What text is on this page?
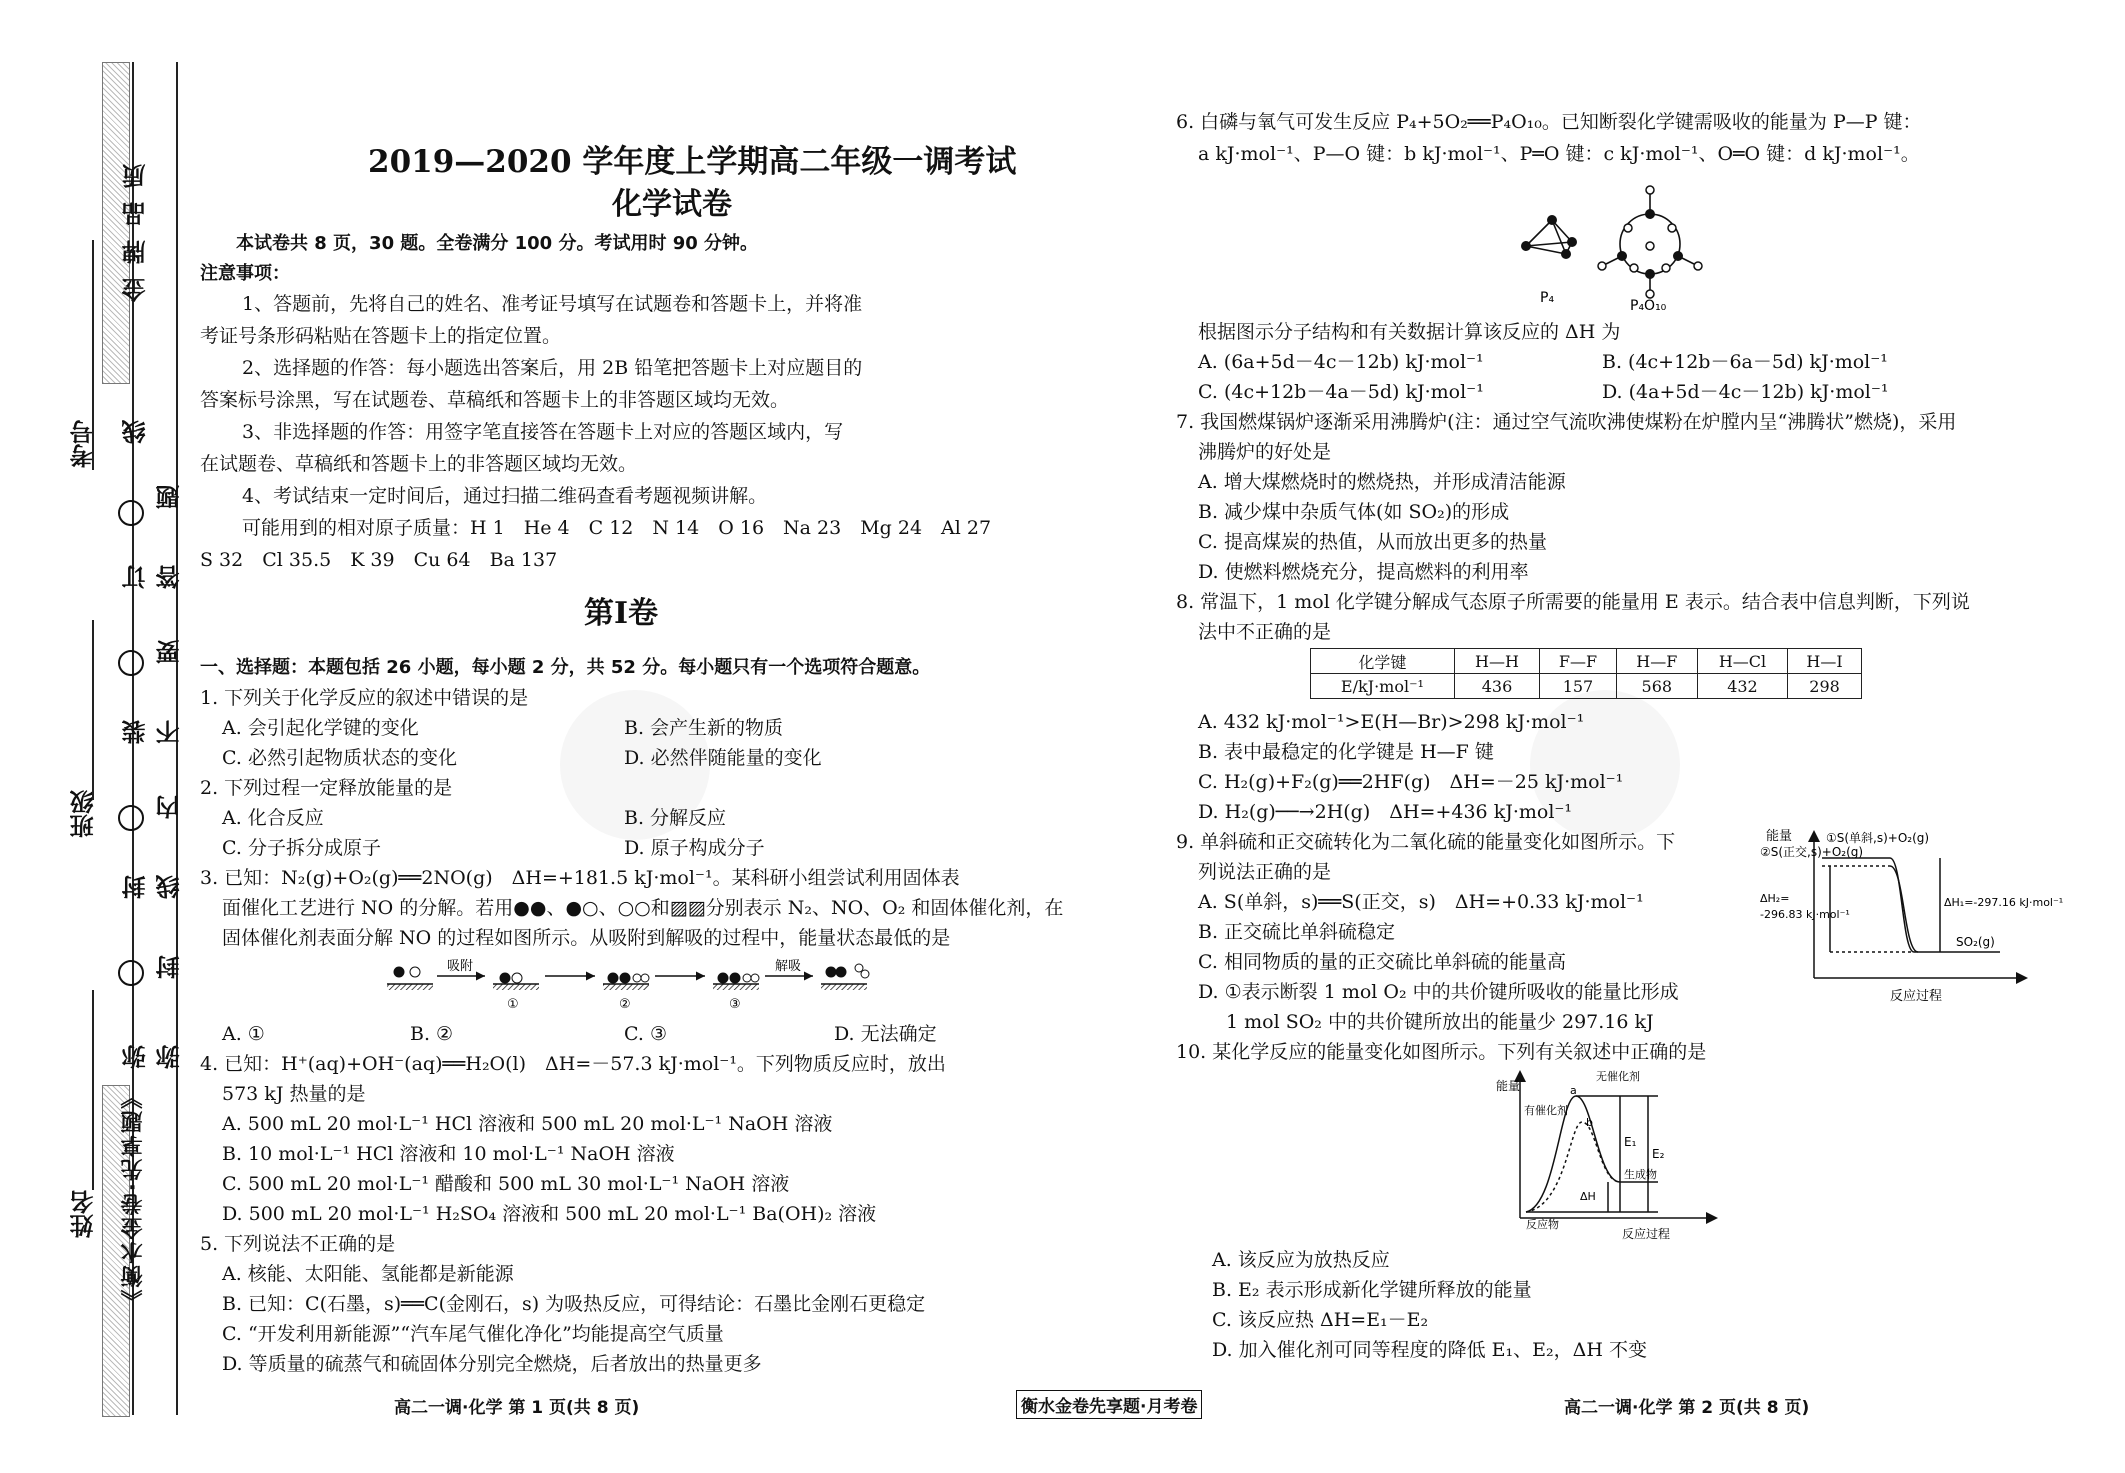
金牌品质
《衡水金卷·先享题》
考号
班级
姓名
弥
封
装
订
线
弥
封
线
内
不
要
答
题
2019—2020 学年度上学期高二年级一调考试
化学试卷
本试卷共 8 页，30 题。全卷满分 100 分。考试用时 90 分钟。
注意事项：
1、答题前，先将自己的姓名、准考证号填写在试题卷和答题卡上，并将准
考证号条形码粘贴在答题卡上的指定位置。
2、选择题的作答：每小题选出答案后，用 2B 铅笔把答题卡上对应题目的
答案标号涂黑，写在试题卷、草稿纸和答题卡上的非答题区域均无效。
3、非选择题的作答：用签字笔直接答在答题卡上对应的答题区域内，写
在试题卷、草稿纸和答题卡上的非答题区域均无效。
4、考试结束一定时间后，通过扫描二维码查看考题视频讲解。
可能用到的相对原子质量：H 1　He 4　C 12　N 14　O 16　Na 23　Mg 24　Al 27
S 32　Cl 35.5　K 39　Cu 64　Ba 137
第Ⅰ卷
一、选择题：本题包括 26 小题，每小题 2 分，共 52 分。每小题只有一个选项符合题意。
1. 下列关于化学反应的叙述中错误的是
A. 会引起化学键的变化	B. 会产生新的物质
C. 必然引起物质状态的变化	D. 必然伴随能量的变化
2. 下列过程一定释放能量的是
A. 化合反应	B. 分解反应
C. 分子拆分成原子	D. 原子构成分子
3. 已知：N₂(g)+O₂(g)══2NO(g)　ΔH=+181.5 kJ·mol⁻¹。某科研小组尝试利用固体表
面催化工艺进行 NO 的分解。若用●●、●○、○○和▨▨分别表示 N₂、NO、O₂ 和固体催化剂，在
固体催化剂表面分解 NO 的过程如图所示。从吸附到解吸的过程中，能量状态最低的是
吸附	解吸
①	②	③
A. ①	B. ②	C. ③	D. 无法确定
4. 已知：H⁺(aq)+OH⁻(aq)══H₂O(l)　ΔH=－57.3 kJ·mol⁻¹。下列物质反应时，放出
573 kJ 热量的是
A. 500 mL 20 mol·L⁻¹ HCl 溶液和 500 mL 20 mol·L⁻¹ NaOH 溶液
B. 10 mol·L⁻¹ HCl 溶液和 10 mol·L⁻¹ NaOH 溶液
C. 500 mL 20 mol·L⁻¹ 醋酸和 500 mL 30 mol·L⁻¹ NaOH 溶液
D. 500 mL 20 mol·L⁻¹ H₂SO₄ 溶液和 500 mL 20 mol·L⁻¹ Ba(OH)₂ 溶液
5. 下列说法不正确的是
A. 核能、太阳能、氢能都是新能源
B. 已知：C(石墨，s)══C(金刚石，s) 为吸热反应，可得结论：石墨比金刚石更稳定
C. “开发利用新能源”“汽车尾气催化净化”均能提高空气质量
D. 等质量的硫蒸气和硫固体分别完全燃烧，后者放出的热量更多
高二一调·化学 第 1 页(共 8 页)	衡水金卷先享题·月考卷
6. 白磷与氧气可发生反应 P₄+5O₂══P₄O₁₀。已知断裂化学键需吸收的能量为 P—P 键：
a kJ·mol⁻¹、P—O 键：b kJ·mol⁻¹、P═O 键：c kJ·mol⁻¹、O═O 键：d kJ·mol⁻¹。
P₄	P₄O₁₀
根据图示分子结构和有关数据计算该反应的 ΔH 为
A. (6a+5d－4c－12b) kJ·mol⁻¹	B. (4c+12b－6a－5d) kJ·mol⁻¹
C. (4c+12b－4a－5d) kJ·mol⁻¹	D. (4a+5d－4c－12b) kJ·mol⁻¹
7. 我国燃煤锅炉逐渐采用沸腾炉(注：通过空气流吹沸使煤粉在炉膛内呈“沸腾状”燃烧)，采用
沸腾炉的好处是
A. 增大煤燃烧时的燃烧热，并形成清洁能源
B. 减少煤中杂质气体(如 SO₂)的形成
C. 提高煤炭的热值，从而放出更多的热量
D. 使燃料燃烧充分，提高燃料的利用率
8. 常温下，1 mol 化学键分解成气态原子所需要的能量用 E 表示。结合表中信息判断，下列说
法中不正确的是
化学键	H—H	F—F	H—F	H—Cl	H—I
E/kJ·mol⁻¹	436	157	568	432	298
A. 432 kJ·mol⁻¹>E(H—Br)>298 kJ·mol⁻¹
B. 表中最稳定的化学键是 H—F 键
C. H₂(g)+F₂(g)══2HF(g)　ΔH=－25 kJ·mol⁻¹
D. H₂(g)──→2H(g)　ΔH=+436 kJ·mol⁻¹
9. 单斜硫和正交硫转化为二氧化硫的能量变化如图所示。下
列说法正确的是
A. S(单斜，s)══S(正交，s)　ΔH=+0.33 kJ·mol⁻¹
B. 正交硫比单斜硫稳定
C. 相同物质的量的正交硫比单斜硫的能量高
D. ①表示断裂 1 mol O₂ 中的共价键所吸收的能量比形成
1 mol SO₂ 中的共价键所放出的能量少 297.16 kJ
能量
反应过程
①S(单斜,s)+O₂(g)
②S(正交,s)+O₂(g)
ΔH₂=
-296.83 kJ·mol⁻¹
ΔH₁=-297.16 kJ·mol⁻¹
SO₂(g)
10. 某化学反应的能量变化如图所示。下列有关叙述中正确的是
能量
反应过程
无催化剂
有催化剂
a
b
E₁
E₂
ΔH
生成物
反应物
A. 该反应为放热反应
B. E₂ 表示形成新化学键所释放的能量
C. 该反应热 ΔH=E₁－E₂
D. 加入催化剂可同等程度的降低 E₁、E₂，ΔH 不变
高二一调·化学 第 2 页(共 8 页)
